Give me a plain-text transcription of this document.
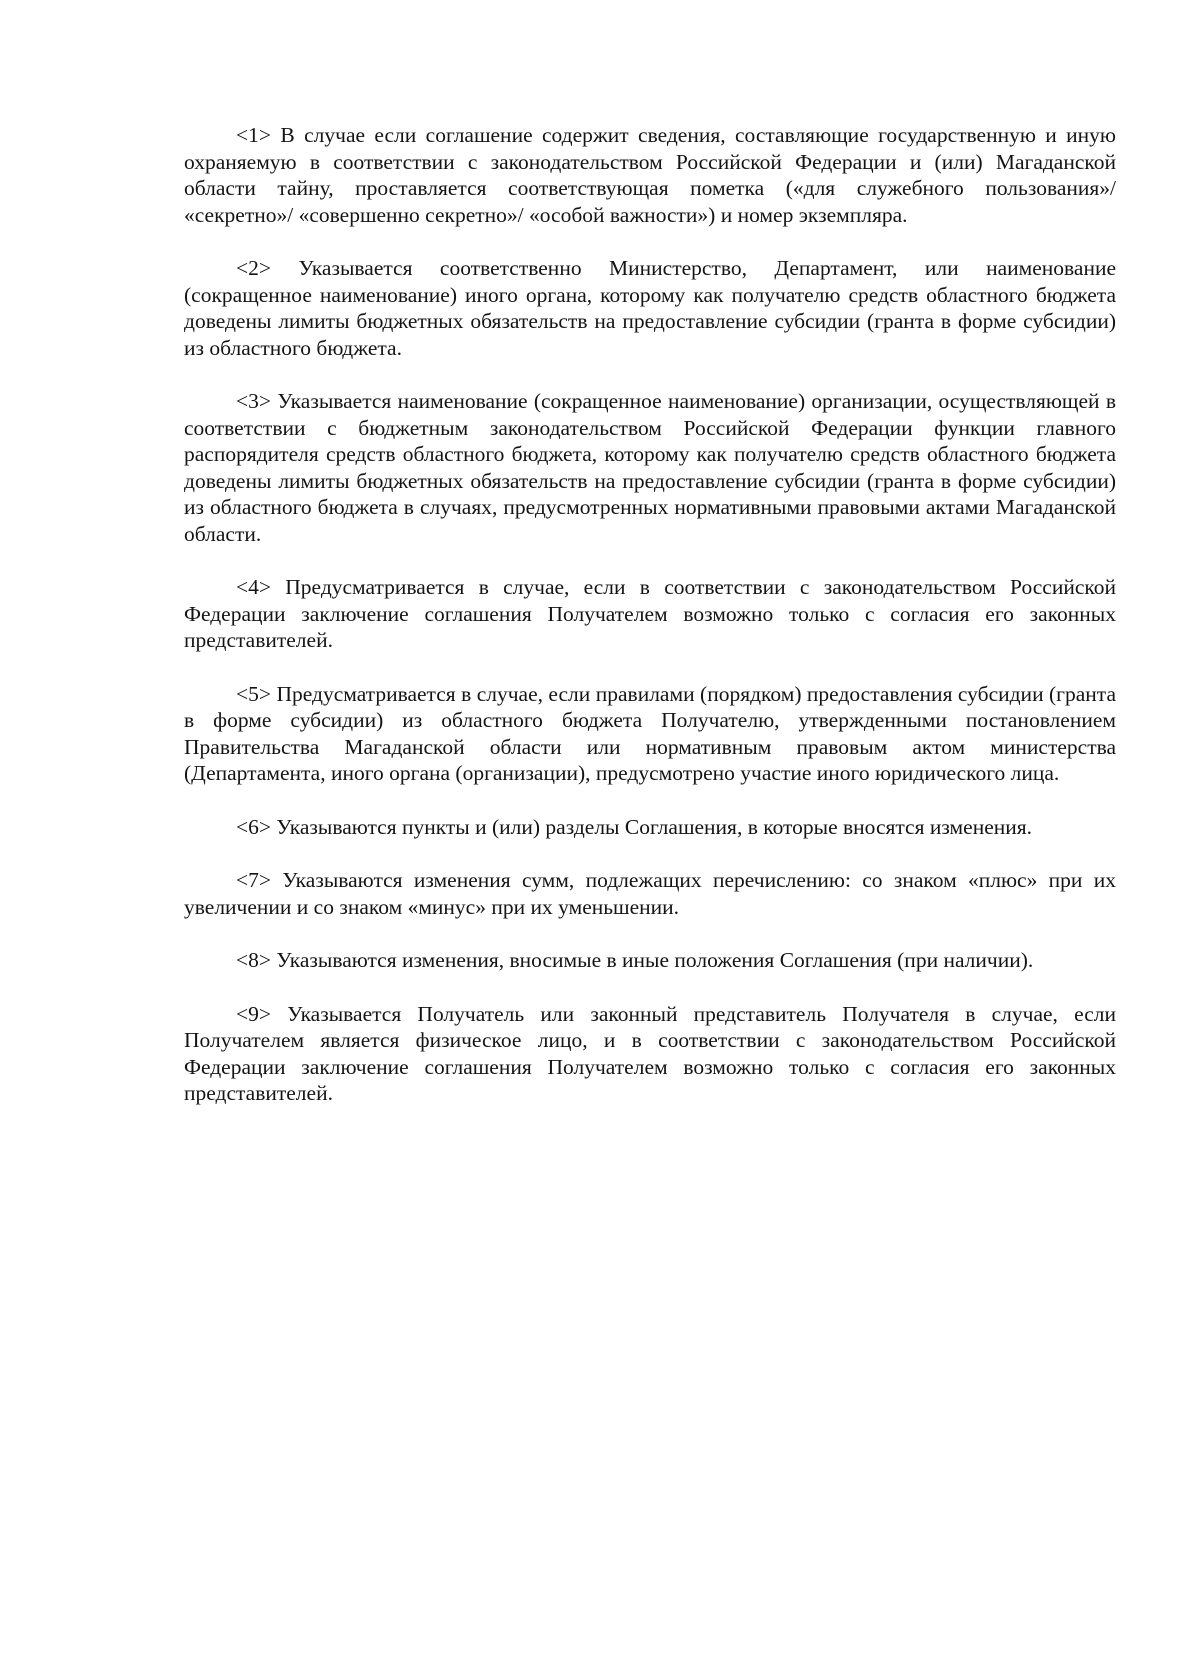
<1> В случае если соглашение содержит сведения, составляющие государственную и иную охраняемую в соответствии с законодательством Российской Федерации и (или) Магаданской области тайну, проставляется соответствующая пометка («для служебного пользования»/ «секретно»/ «совершенно секретно»/ «особой важности») и номер экземпляра.

<2> Указывается соответственно Министерство, Департамент, или наименование (сокращенное наименование) иного органа, которому как получателю средств областного бюджета доведены лимиты бюджетных обязательств на предоставление субсидии (гранта в форме субсидии) из областного бюджета.

<3> Указывается наименование (сокращенное наименование) организации, осуществляющей в соответствии с бюджетным законодательством Российской Федерации функции главного распорядителя средств областного бюджета, которому как получателю средств областного бюджета доведены лимиты бюджетных обязательств на предоставление субсидии (гранта в форме субсидии) из областного бюджета в случаях, предусмотренных нормативными правовыми актами Магаданской области.

<4> Предусматривается в случае, если в соответствии с законодательством Российской Федерации заключение соглашения Получателем возможно только с согласия его законных представителей.

<5> Предусматривается в случае, если правилами (порядком) предоставления субсидии (гранта в форме субсидии) из областного бюджета Получателю, утвержденными постановлением Правительства Магаданской области или нормативным правовым актом министерства (Департамента, иного органа (организации), предусмотрено участие иного юридического лица.

<6> Указываются пункты и (или) разделы Соглашения, в которые вносятся изменения.

<7> Указываются изменения сумм, подлежащих перечислению: со знаком «плюс» при их увеличении и со знаком «минус» при их уменьшении.

<8> Указываются изменения, вносимые в иные положения Соглашения (при наличии).

<9> Указывается Получатель или законный представитель Получателя в случае, если Получателем является физическое лицо, и в соответствии с законодательством Российской Федерации заключение соглашения Получателем возможно только с согласия его законных представителей.
